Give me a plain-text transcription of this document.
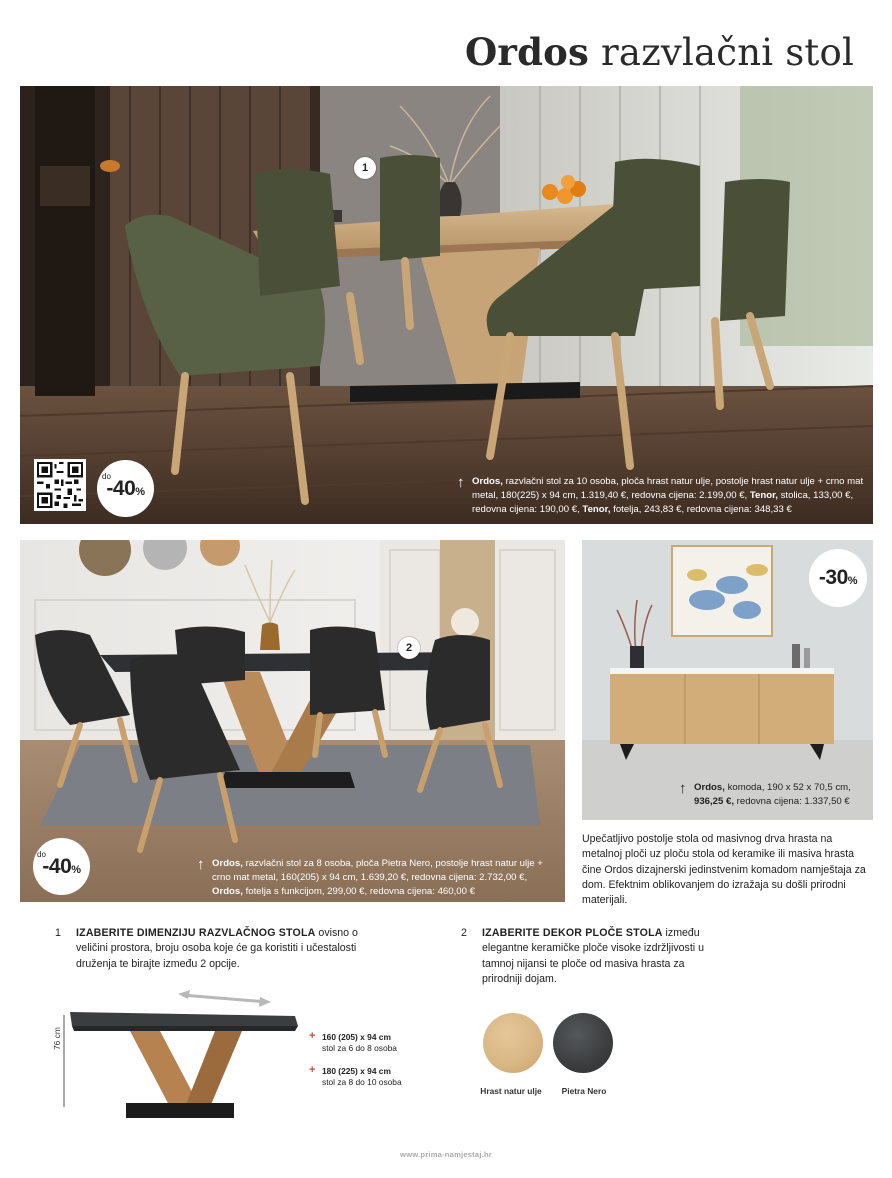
Ordos razvlačni stol
1
do
-40%
↑ Ordos, razvlačni stol za 10 osoba, ploča hrast natur ulje, postolje hrast natur ulje + crno mat metal, 180(225) x 94 cm, 1.319,40 €, redovna cijena: 2.199,00 €, Tenor, stolica, 133,00 €, redovna cijena: 190,00 €, Tenor, fotelja, 243,83 €, redovna cijena: 348,33 €
2
do
-40%	↑ Ordos, razvlačni stol za 8 osoba, ploča Pietra Nero, postolje hrast natur ulje + crno mat metal, 160(205) x 94 cm, 1.639,20 €, redovna cijena: 2.732,00 €,
Ordos, fotelja s funkcijom, 299,00 €, redovna cijena: 460,00 €
-30%
↑ Ordos, komoda, 190 x 52 x 70,5 cm,
936,25 €, redovna cijena: 1.337,50 €
Upečatljivo postolje stola od masivnog drva hrasta na metalnoj ploči uz ploču stola od keramike ili masiva hrasta čine Ordos dizajnerski jedinstvenim komadom namještaja za dom. Efektnim oblikovanjem do izražaja su došli prirodni materijali.
1 IZABERITE DIMENZIJU RAZVLAČNOG STOLA ovisno o veličini prostora, broju osoba koje će ga koristiti i učestalosti druženja te birajte između 2 opcije.
76 cm	+ 160 (205) x 94 cm
stol za 6 do 8 osoba
+ 180 (225) x 94 cm
stol za 8 do 10 osoba
2 IZABERITE DEKOR PLOČE STOLA između elegantne keramičke ploče visoke izdržljivosti u tamnoj nijansi te ploče od masiva hrasta za prirodniji dojam.
Hrast natur ulje	Pietra Nero
www.prima-namjestaj.hr
